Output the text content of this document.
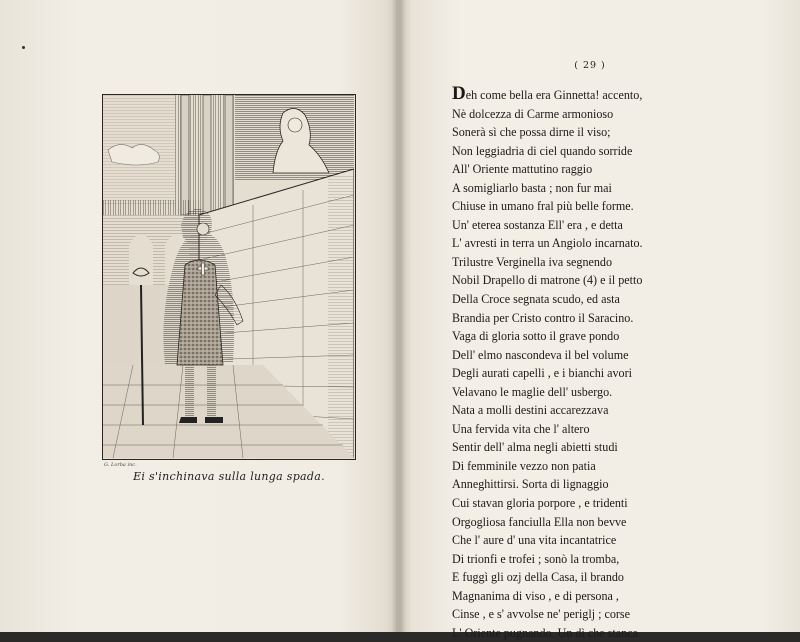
G. Lorba inc.
Ei s'inchinava sulla lunga spada.
( 29 )
Deh come bella era Ginnetta! accento,
Nè dolcezza di Carme armonioso
Sonerà sì che possa dirne il viso;
Non leggiadria di ciel quando sorride
All' Oriente mattutino raggio
A somigliarlo basta ; non fur mai
Chiuse in umano fral più belle forme.
Un' eterea sostanza Ell' era , e detta
L' avresti in terra un Angiolo incarnato.
Trilustre Verginella iva segnendo
Nobil Drapello di matrone (4) e il petto
Della Croce segnata scudo, ed asta
Brandia per Cristo contro il Saracino.
Vaga di gloria sotto il grave pondo
Dell' elmo nascondeva il bel volume
Degli aurati capelli , e i bianchi avori
Velavano le maglie dell' usbergo.
Nata a molli destini accarezzava
Una fervida vita che l' altero
Sentir dell' alma negli abietti studi
Di femminile vezzo non patia
Anneghittirsi. Sorta di lignaggio
Cui stavan gloria porpore , e tridenti
Orgogliosa fanciulla Ella non bevve
Che l' aure d' una vita incantatrice
Di trionfi e trofei ; sonò la tromba,
E fuggì gli ozj della Casa, il brando
Magnanima di viso , e di persona ,
Cinse , e s' avvolse ne' periglj ; corse
L' Oriente pugnando. Un dì che stanca
